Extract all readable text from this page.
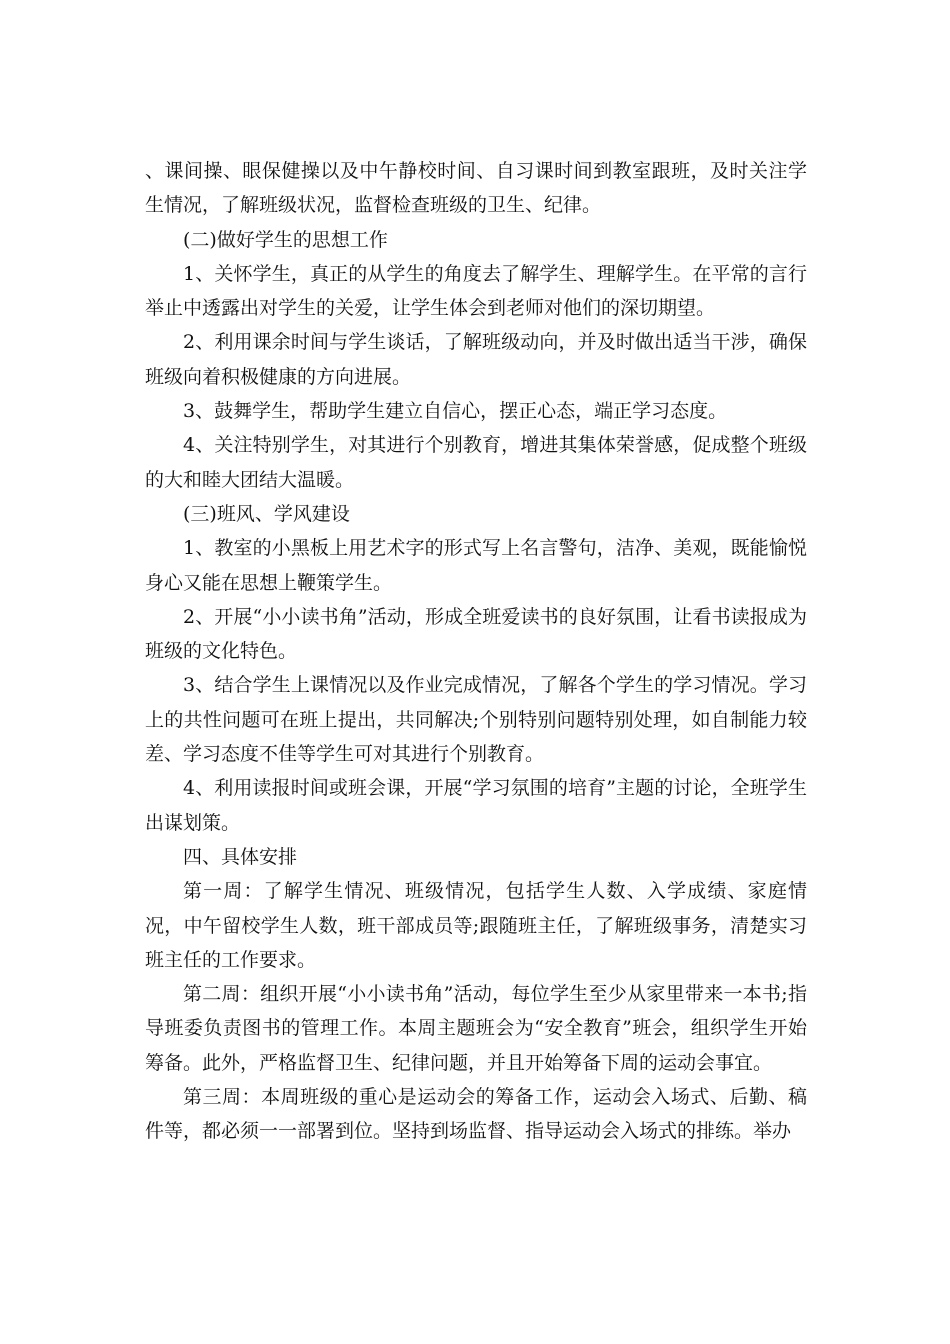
、课间操、眼保健操以及中午静校时间、自习课时间到教室跟班，及时关注学生情况，了解班级状况，监督检查班级的卫生、纪律。

(二)做好学生的思想工作

1、关怀学生，真正的从学生的角度去了解学生、理解学生。在平常的言行举止中透露出对学生的关爱，让学生体会到老师对他们的深切期望。

2、利用课余时间与学生谈话，了解班级动向，并及时做出适当干涉，确保班级向着积极健康的方向进展。

3、鼓舞学生，帮助学生建立自信心，摆正心态，端正学习态度。

4、关注特别学生，对其进行个别教育，增进其集体荣誉感，促成整个班级的大和睦大团结大温暖。

(三)班风、学风建设

1、教室的小黑板上用艺术字的形式写上名言警句，洁净、美观，既能愉悦身心又能在思想上鞭策学生。

2、开展“小小读书角”活动，形成全班爱读书的良好氛围，让看书读报成为班级的文化特色。

3、结合学生上课情况以及作业完成情况，了解各个学生的学习情况。学习上的共性问题可在班上提出，共同解决;个别特别问题特别处理，如自制能力较差、学习态度不佳等学生可对其进行个别教育。

4、利用读报时间或班会课，开展“学习氛围的培育”主题的讨论，全班学生出谋划策。

四、具体安排

第一周：了解学生情况、班级情况，包括学生人数、入学成绩、家庭情况，中午留校学生人数，班干部成员等;跟随班主任，了解班级事务，清楚实习班主任的工作要求。

第二周：组织开展“小小读书角”活动，每位学生至少从家里带来一本书;指导班委负责图书的管理工作。本周主题班会为“安全教育”班会，组织学生开始筹备。此外，严格监督卫生、纪律问题，并且开始筹备下周的运动会事宜。

第三周：本周班级的重心是运动会的筹备工作，运动会入场式、后勤、稿件等，都必须一一部署到位。坚持到场监督、指导运动会入场式的排练。举办
